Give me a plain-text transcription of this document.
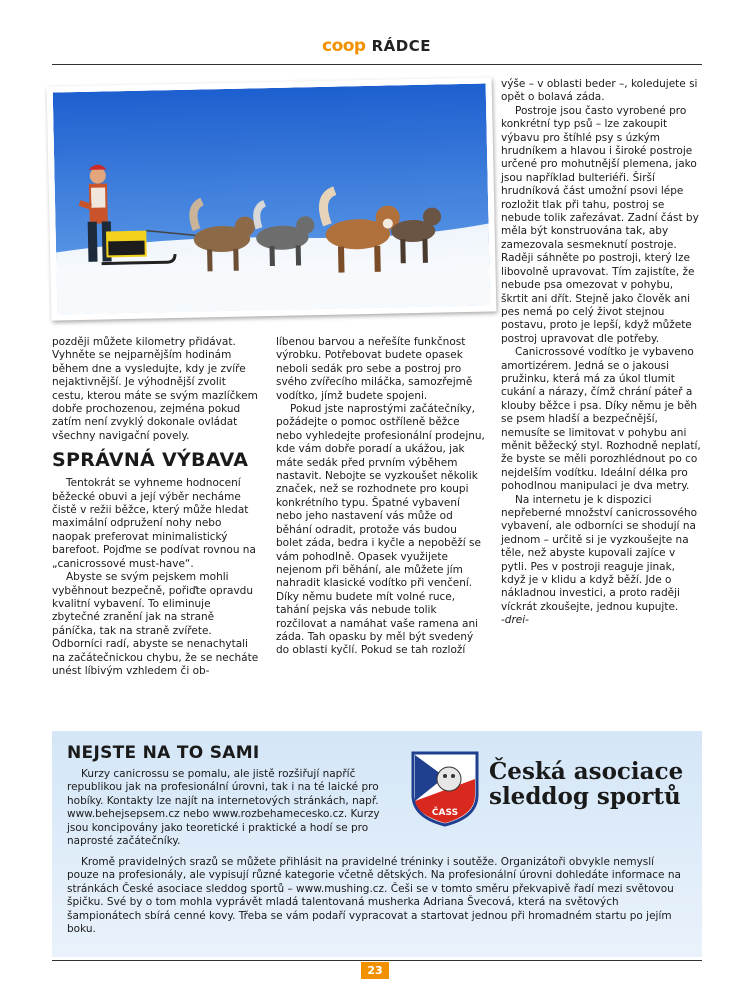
coop RÁDCE

později můžete kilometry přidávat. Vyhněte se nejparnějším hodinám během dne a vysledujte, kdy je zvíře nejaktivnější. Je výhodnější zvolit cestu, kterou máte se svým mazlíčkem dobře prochozenou, zejména pokud zatím není zvyklý dokonale ovládat všechny navigační povely.

SPRÁVNÁ VÝBAVA

Tentokrát se vyhneme hodnocení běžecké obuvi a její výběr necháme čistě v režii běžce, který může hledat maximální odpružení nohy nebo naopak preferovat minimalistický barefoot. Pojďme se podívat rovnou na „canicrossové must-have“.

Abyste se svým pejskem mohli vyběhnout bezpečně, pořiďte opravdu kvalitní vybavení. To eliminuje zbytečné zranění jak na straně páníčka, tak na straně zvířete. Odborníci radí, abyste se nenachytali na začátečnickou chybu, že se necháte unést líbivým vzhledem či ob-

líbenou barvou a neřešíte funkčnost výrobku. Potřebovat budete opasek neboli sedák pro sebe a postroj pro svého zvířecího miláčka, samozřejmě vodítko, jímž budete spojeni.

Pokud jste naprostými začátečníky, požádejte o pomoc ostříleně běžce nebo vyhledejte profesionální prodejnu, kde vám dobře poradí a ukážou, jak máte sedák před prvním výběhem nastavit. Nebojte se vyzkoušet několik značek, než se rozhodnete pro koupi konkrétního typu. Špatné vybavení nebo jeho nastavení vás může od běhání odradit, protože vás budou bolet záda, bedra i kyčle a nepoběží se vám pohodlně. Opasek využijete nejenom při běhání, ale můžete jím nahradit klasické vodítko při venčení. Díky němu budete mít volné ruce, tahání pejska vás nebude tolik rozčilovat a namáhat vaše ramena ani záda. Tah opasku by měl být svedený do oblasti kyčlí. Pokud se tah rozloží

výše – v oblasti beder –, koledujete si opět o bolavá záda.

Postroje jsou často vyrobené pro konkrétní typ psů – lze zakoupit výbavu pro štíhlé psy s úzkým hrudníkem a hlavou i široké postroje určené pro mohutnější plemena, jako jsou například bulteriéři. Širší hrudníková část umožní psovi lépe rozložit tlak při tahu, postroj se nebude tolik zařezávat. Zadní část by měla být konstruována tak, aby zamezovala sesmeknutí postroje. Raději sáhněte po postroji, který lze libovolně upravovat. Tím zajistíte, že nebude psa omezovat v pohybu, škrtit ani dřít. Stejně jako člověk ani pes nemá po celý život stejnou postavu, proto je lepší, když můžete postroj upravovat dle potřeby.

Canicrossové vodítko je vybaveno amortizérem. Jedná se o jakousi pružinku, která má za úkol tlumit cukání a nárazy, čímž chrání páteř a klouby běžce i psa. Díky němu je běh se psem hladší a bezpečnější, nemusíte se limitovat v pohybu ani měnit běžecký styl. Rozhodně neplatí, že byste se měli porozhlédnout po co nejdelším vodítku. Ideální délka pro pohodlnou manipulaci je dva metry.

Na internetu je k dispozici nepřeberné množství canicrossového vybavení, ale odborníci se shodují na jednom – určitě si je vyzkoušejte na těle, než abyste kupovali zajíce v pytli. Pes v postroji reaguje jinak, když je v klidu a když běží. Jde o nákladnou investici, a proto raději víckrát zkoušejte, jednou kupujte.

-drei-

NEJSTE NA TO SAMI

Kurzy canicrossu se pomalu, ale jistě rozšiřují napříč republikou jak na profesionální úrovni, tak i na té laické pro hobíky. Kontakty lze najít na internetových stránkách, např. www.behejsepsem.cz nebo www.rozbehamecesko.cz. Kurzy jsou koncipovány jako teoretické i praktické a hodí se pro naprosté začátečníky.

Kromě pravidelných srazů se můžete přihlásit na pravidelné tréninky i soutěže. Organizátoři obvykle nemyslí pouze na profesionály, ale vypisují různé kategorie včetně dětských. Na profesionální úrovni dohledáte informace na stránkách České asociace sleddog sportů – www.mushing.cz. Češi se v tomto směru překvapivě řadí mezi světovou špičku. Své by o tom mohla vyprávět mladá talentovaná musherka Adriana Švecová, která na světových šampionátech sbírá cenné kovy. Třeba se vám podaří vypracovat a startovat jednou při hromadném startu po jejím boku.

ČASS
Česká asociace
sleddog sportů
23
